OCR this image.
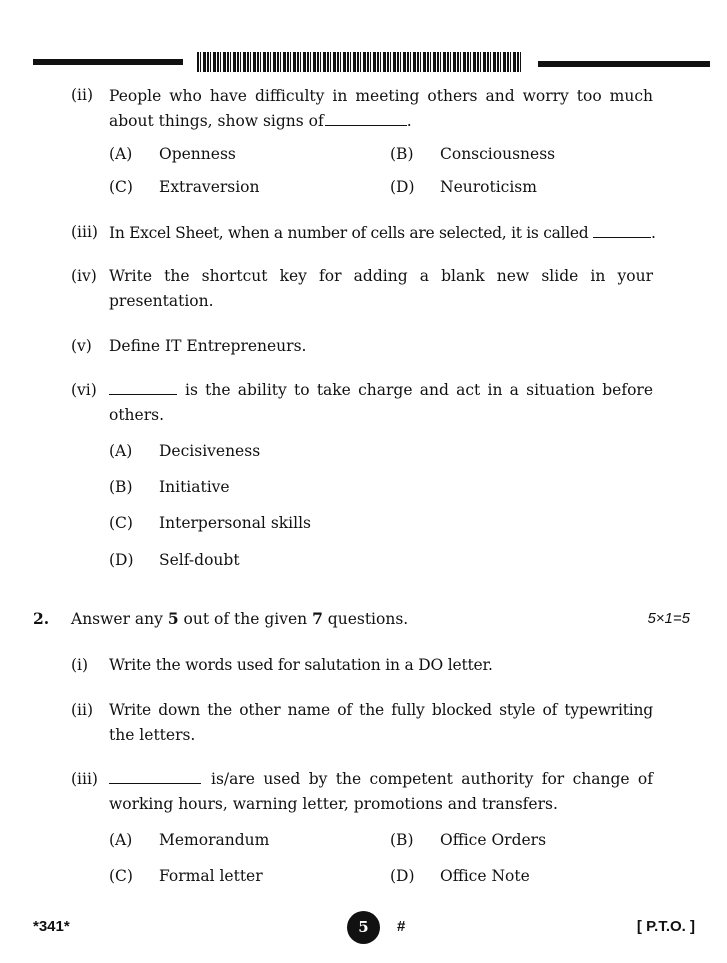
(ii)	People who have difficulty in meeting others and worry too much
about things, show signs of	.
(A)	Openness	(B)	Consciousness
(C)	Extraversion	(D)	Neuroticism
(iii) In Excel Sheet, when a number of cells are selected, it is called	.
(iv) Write the shortcut key for adding a blank new slide in your
presentation.
(v)	Define IT Entrepreneurs.
(vi)	is the ability to take charge and act in a situation before
others.
(A)	Decisiveness
(B)	Initiative
(C)	Interpersonal skills
(D)	Self-doubt
2. Answer any 5 out of the given 7 questions.	5×1=5
(i)	Write the words used for salutation in a DO letter.
(ii)	Write down the other name of the fully blocked style of typewriting
the letters.
(iii)	is/are used by the competent authority for change of
working hours, warning letter, promotions and transfers.
(A)	Memorandum	(B)	Office Orders
(C)	Formal letter	(D)	Office Note
*341*	5	#	[ P.T.O. ]
